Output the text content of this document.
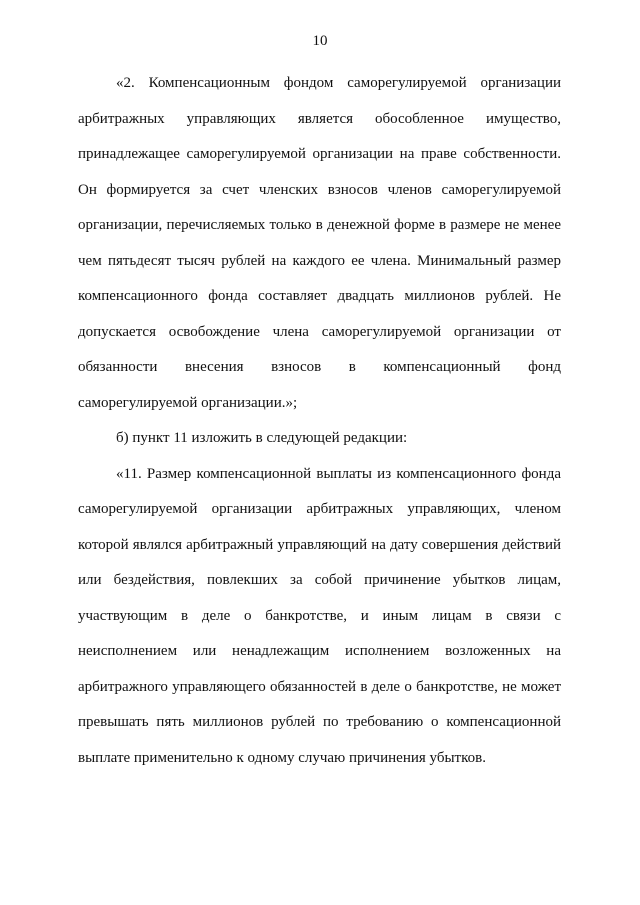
10

«2. Компенсационным фондом саморегулируемой организации арбитражных управляющих является обособленное имущество, принадлежащее саморегулируемой организации на праве собственности. Он формируется за счет членских взносов членов саморегулируемой организации, перечисляемых только в денежной форме в размере не менее чем пятьдесят тысяч рублей на каждого ее члена. Минимальный размер компенсационного фонда составляет двадцать миллионов рублей. Не допускается освобождение члена саморегулируемой организации от обязанности внесения взносов в компенсационный фонд саморегулируемой организации.»;

б) пункт 11 изложить в следующей редакции:

«11. Размер компенсационной выплаты из компенсационного фонда саморегулируемой организации арбитражных управляющих, членом которой являлся арбитражный управляющий на дату совершения действий или бездействия, повлекших за собой причинение убытков лицам, участвующим в деле о банкротстве, и иным лицам в связи с неисполнением или ненадлежащим исполнением возложенных на арбитражного управляющего обязанностей в деле о банкротстве, не может превышать пять миллионов рублей по требованию о компенсационной выплате применительно к одному случаю причинения убытков.
